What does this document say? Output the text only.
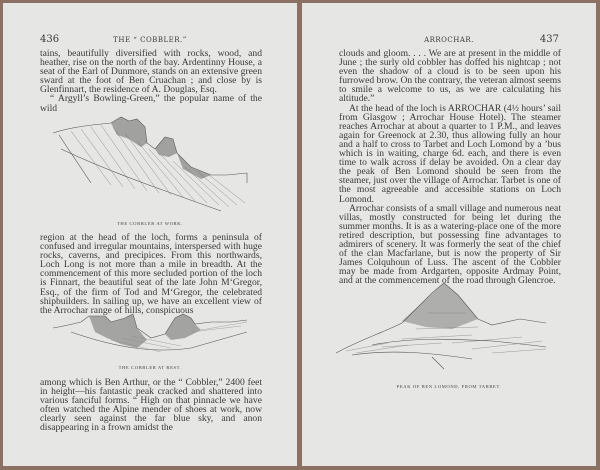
436	THE “ COBBLER.”

tains, beautifully diversified with rocks, wood, and heather, rise on the north of the bay. Ardentinny House, a seat of the Earl of Dunmore, stands on an extensive green sward at the foot of Ben Cruachan ; and close by is Glenfinnart, the residence of A. Douglas, Esq.

“ Argyll’s Bowling-Green,” the popular name of the wild

THE COBBLER AT WORK.

region at the head of the loch, forms a peninsula of confused and irregular mountains, interspersed with huge rocks, caverns, and precipices. From this northwards, Loch Long is not more than a mile in breadth. At the commencement of this more secluded portion of the loch is Finnart, the beautiful seat of the late John M‘Gregor, Esq., of the firm of Tod and M‘Gregor, the celebrated shipbuilders. In sailing up, we have an excellent view of the Arrochar range of hills, conspicuous

THE COBBLER AT REST.

among which is Ben Arthur, or the “ Cobbler,” 2400 feet in height—his fantastic peak cracked and shattered into various fanciful forms. “ High on that pinnacle we have often watched the Alpine mender of shoes at work, now clearly seen against the far blue sky, and anon disappearing in a frown amidst the

ARROCHAR.	437

clouds and gloom. . . . We are at present in the middle of June ; the surly old cobbler has doffed his nightcap ; not even the shadow of a cloud is to be seen upon his furrowed brow. On the contrary, the veteran almost seems to smile a welcome to us, as we are calculating his altitude.”

At the head of the loch is ARROCHAR (4½ hours’ sail from Glasgow ; Arrochar House Hotel). The steamer reaches Arrochar at about a quarter to 1 P.M., and leaves again for Greenock at 2.30, thus allowing fully an hour and a half to cross to Tarbet and Loch Lomond by a ’bus which is in waiting, charge 6d. each, and there is even time to walk across if delay be avoided. On a clear day the peak of Ben Lomond should be seen from the steamer, just over the village of Arrochar. Tarbet is one of the most agreeable and accessible stations on Loch Lomond.

Arrochar consists of a small village and numerous neat villas, mostly constructed for being let during the summer months. It is as a watering-place one of the more retired description, but possessing fine advantages to admirers of scenery. It was formerly the seat of the chief of the clan Macfarlane, but is now the property of Sir James Colquhoun of Luss. The ascent of the Cobbler may be made from Ardgarten, opposite Ardmay Point, and at the commencement of the road through Glencroe.

PEAK OF BEN LOMOND, FROM TARBET.
